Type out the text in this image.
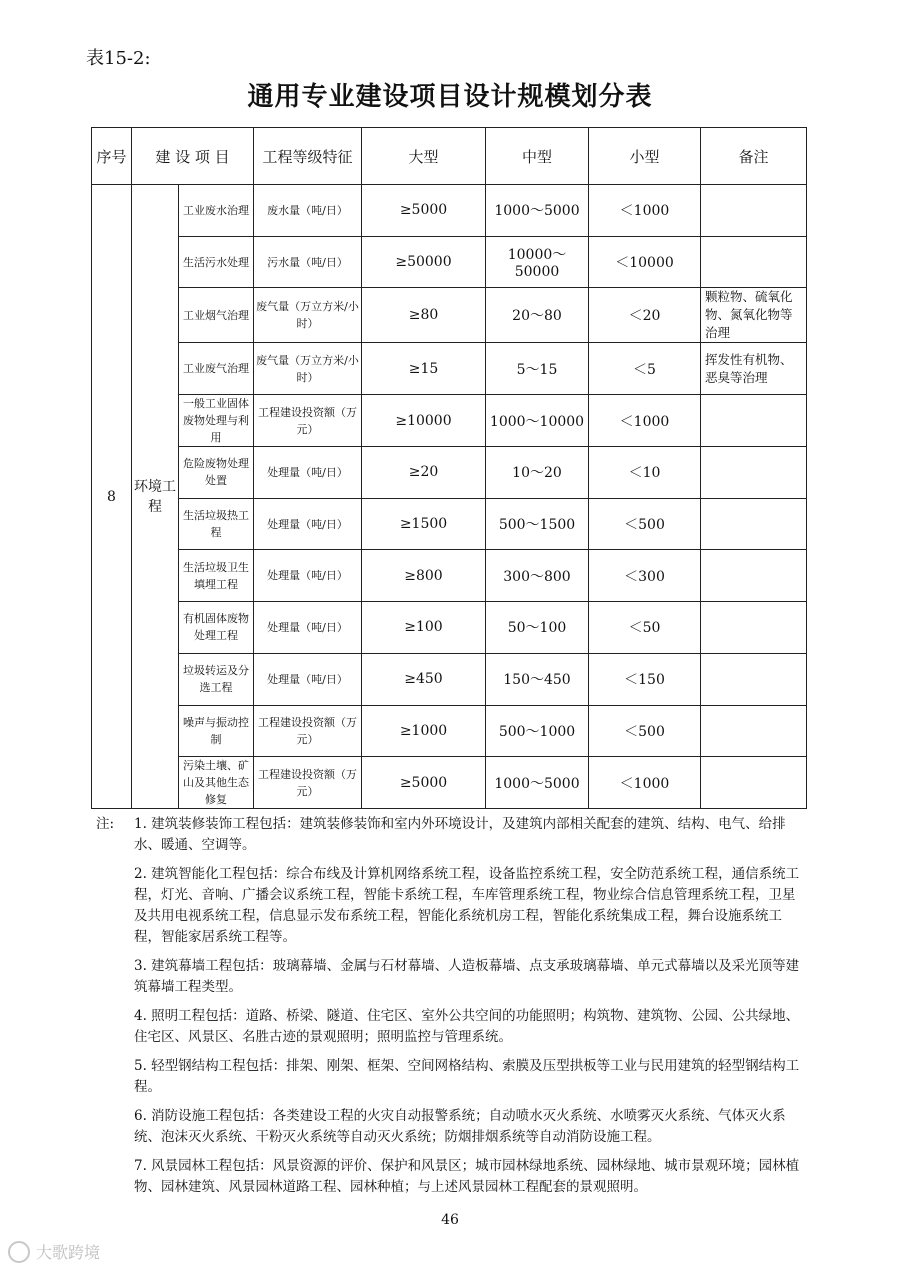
表15-2:
通用专业建设项目设计规模划分表
序号	建 设 项 目		工程等级特征	大型	中型	小型	备注
8	环境工程	工业废水治理	废水量（吨/日）	≥5000	1000～5000	＜1000	
		生活污水处理	污水量（吨/日）	≥50000	10000～50000	＜10000	
		工业烟气治理	废气量（万立方米/小时）	≥80	20～80	＜20	颗粒物、硫氧化物、氮氧化物等治理
		工业废气治理	废气量（万立方米/小时）	≥15	5～15	＜5	挥发性有机物、恶臭等治理
		一般工业固体废物处理与利用	工程建设投资额（万元）	≥10000	1000～10000	＜1000	
		危险废物处理处置	处理量（吨/日）	≥20	10～20	＜10	
		生活垃圾热工程	处理量（吨/日）	≥1500	500～1500	＜500	
		生活垃圾卫生填埋工程	处理量（吨/日）	≥800	300～800	＜300	
		有机固体废物处理工程	处理量（吨/日）	≥100	50～100	＜50	
		垃圾转运及分选工程	处理量（吨/日）	≥450	150～450	＜150	
		噪声与振动控制	工程建设投资额（万元）	≥1000	500～1000	＜500	
		污染土壤、矿山及其他生态修复	工程建设投资额（万元）	≥5000	1000～5000	＜1000	
注: 1. 建筑装修装饰工程包括：建筑装修装饰和室内外环境设计，及建筑内部相关配套的建筑、结构、电气、给排水、暖通、空调等。
2. 建筑智能化工程包括：综合布线及计算机网络系统工程，设备监控系统工程，安全防范系统工程，通信系统工程，灯光、音响、广播会议系统工程，智能卡系统工程，车库管理系统工程，物业综合信息管理系统工程，卫星及共用电视系统工程，信息显示发布系统工程，智能化系统机房工程，智能化系统集成工程，舞台设施系统工程，智能家居系统工程等。
3. 建筑幕墙工程包括：玻璃幕墙、金属与石材幕墙、人造板幕墙、点支承玻璃幕墙、单元式幕墙以及采光顶等建筑幕墙工程类型。
4. 照明工程包括：道路、桥梁、隧道、住宅区、室外公共空间的功能照明；构筑物、建筑物、公园、公共绿地、住宅区、风景区、名胜古迹的景观照明；照明监控与管理系统。
5. 轻型钢结构工程包括：排架、刚架、框架、空间网格结构、索膜及压型拱板等工业与民用建筑的轻型钢结构工程。
6. 消防设施工程包括：各类建设工程的火灾自动报警系统；自动喷水灭火系统、水喷雾灭火系统、气体灭火系统、泡沫灭火系统、干粉灭火系统等自动灭火系统；防烟排烟系统等自动消防设施工程。
7. 风景园林工程包括：风景资源的评价、保护和风景区；城市园林绿地系统、园林绿地、城市景观环境；园林植物、园林建筑、风景园林道路工程、园林种植；与上述风景园林工程配套的景观照明。
46
大歌跨境
